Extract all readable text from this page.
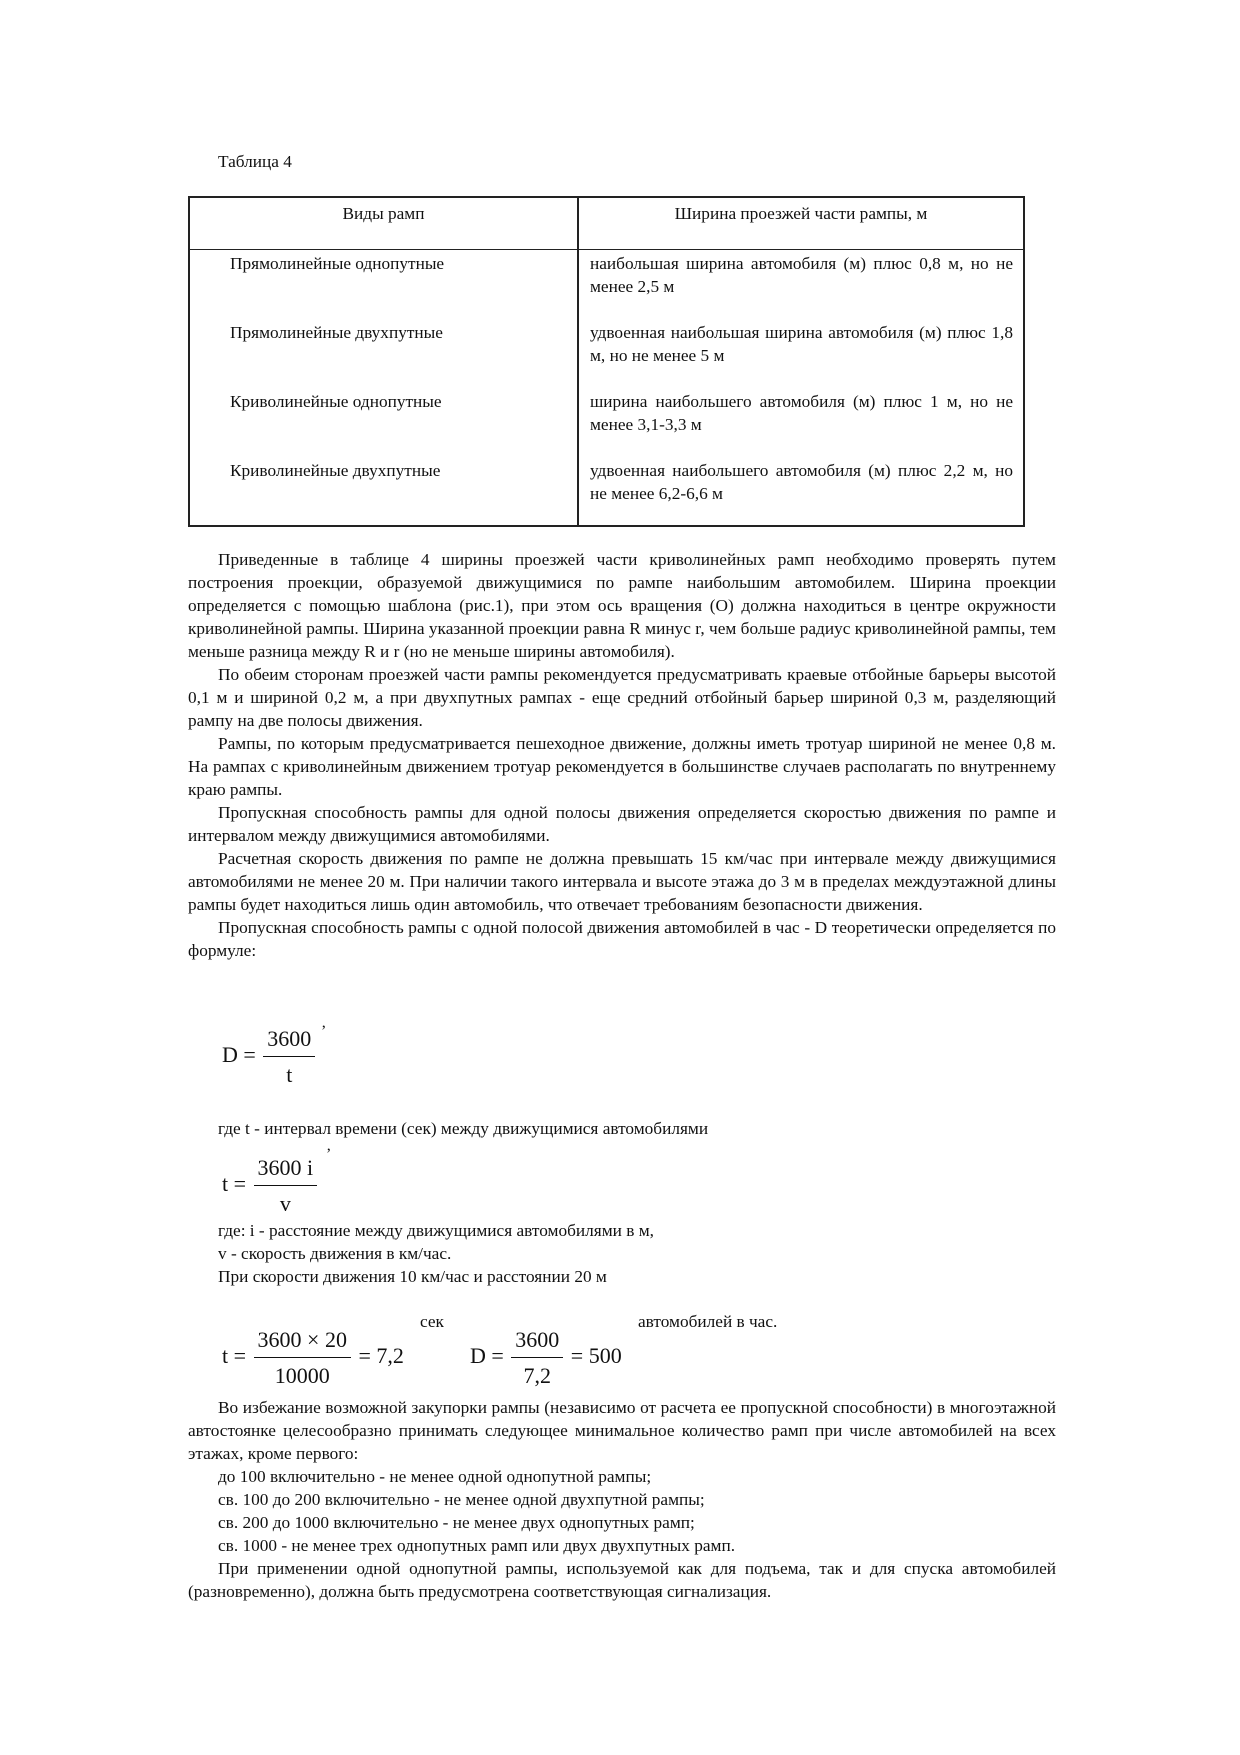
Таблица 4
Виды рамп	Ширина проезжей части рампы, м
Прямолинейные однопутные	наибольшая ширина автомобиля (м) плюс 0,8 м, но не менее 2,5 м
Прямолинейные двухпутные	удвоенная наибольшая ширина автомобиля (м) плюс 1,8 м, но не менее 5 м
Криволинейные однопутные	ширина наибольшего автомобиля (м) плюс 1 м, но не менее 3,1-3,3 м
Криволинейные двухпутные	удвоенная наибольшего автомобиля (м) плюс 2,2 м, но не менее 6,2-6,6 м

Приведенные в таблице 4 ширины проезжей части криволинейных рамп необходимо проверять путем построения проекции, образуемой движущимися по рампе наибольшим автомобилем. Ширина проекции определяется с помощью шаблона (рис.1), при этом ось вращения (О) должна находиться в центре окружности криволинейной рампы. Ширина указанной проекции равна R минус r, чем больше радиус криволинейной рампы, тем меньше разница между R и r (но не меньше ширины автомобиля).

По обеим сторонам проезжей части рампы рекомендуется предусматривать краевые отбойные барьеры высотой 0,1 м и шириной 0,2 м, а при двухпутных рампах - еще средний отбойный барьер шириной 0,3 м, разделяющий рампу на две полосы движения.

Рампы, по которым предусматривается пешеходное движение, должны иметь тротуар шириной не менее 0,8 м. На рампах с криволинейным движением тротуар рекомендуется в большинстве случаев располагать по внутреннему краю рампы.

Пропускная способность рампы для одной полосы движения определяется скоростью движения по рампе и интервалом между движущимися автомобилями.

Расчетная скорость движения по рампе не должна превышать 15 км/час при интервале между движущимися автомобилями не менее 20 м. При наличии такого интервала и высоте этажа до 3 м в пределах междуэтажной длины рампы будет находиться лишь один автомобиль, что отвечает требованиям безопасности движения.

Пропускная способность рампы с одной полосой движения автомобилей в час - D теоретически определяется по формуле:

$D = \frac{3600}{t}$ ’
где t - интервал времени (сек) между движущимися автомобилями
$t = \frac{3600 i}{v}$ ’
где: i - расстояние между движущимися автомобилями в м,
v - скорость движения в км/час.
При скорости движения 10 км/час и расстоянии 20 м
сек	автомобилей в час.
$t = \frac{3600 \times 20}{10000} = 7,2$	$D = \frac{3600}{7,2} = 500$

Во избежание возможной закупорки рампы (независимо от расчета ее пропускной способности) в многоэтажной автостоянке целесообразно принимать следующее минимальное количество рамп при числе автомобилей на всех этажах, кроме первого:

до 100 включительно - не менее одной однопутной рампы;
св. 100 до 200 включительно - не менее одной двухпутной рампы;
св. 200 до 1000 включительно - не менее двух однопутных рамп;
св. 1000 - не менее трех однопутных рамп или двух двухпутных рамп.

При применении одной однопутной рампы, используемой как для подъема, так и для спуска автомобилей (разновременно), должна быть предусмотрена соответствующая сигнализация.
